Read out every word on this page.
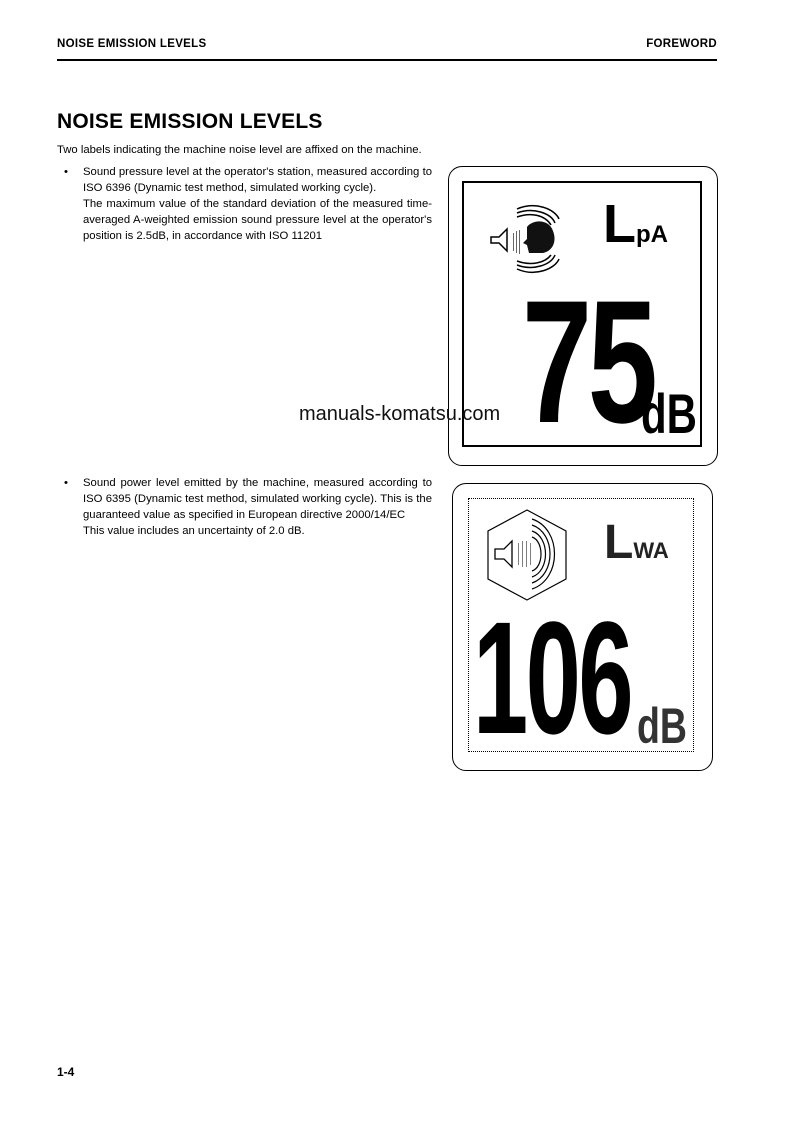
NOISE EMISSION LEVELS	FOREWORD
NOISE EMISSION LEVELS
Two labels indicating the machine noise level are affixed on the machine.
• Sound pressure level at the operator's station, measured according to ISO 6396 (Dynamic test method, simulated working cycle).

The maximum value of the standard deviation of the measured time-averaged A-weighted emission sound pressure level at the operator's position is 2.5dB, in accordance with ISO 11201

• Sound power level emitted by the machine, measured according to ISO 6395 (Dynamic test method, simulated working cycle). This is the guaranteed value as specified in European directive 2000/14/EC

This value includes an uncertainty of 2.0 dB.

LpA
75
dB
LWA
106 dB
manuals-komatsu.com
1-4
